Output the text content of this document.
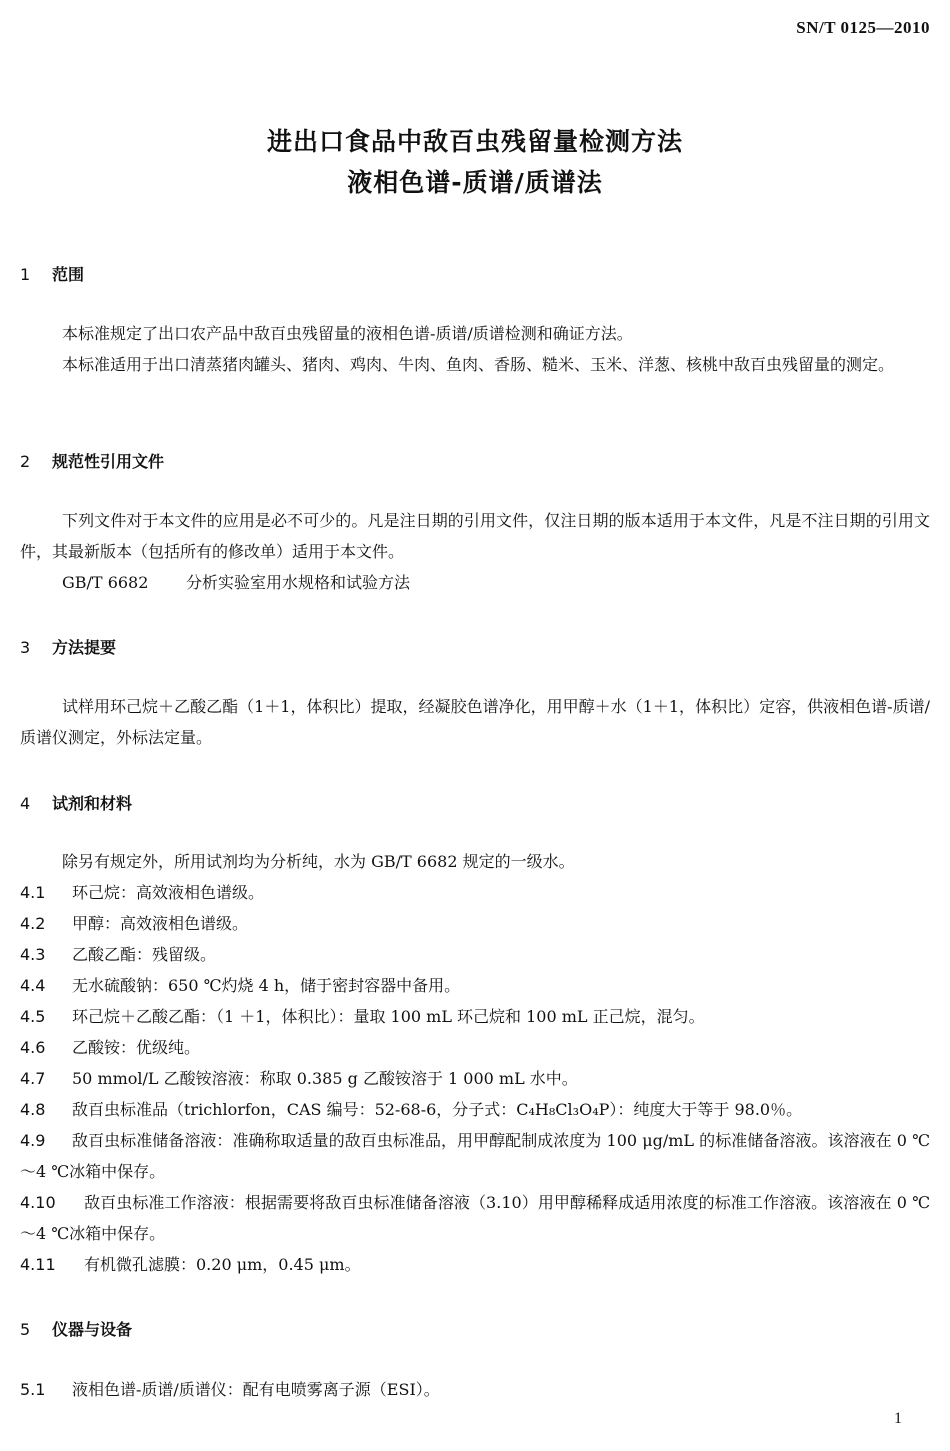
SN/T 0125—2010
进出口食品中敌百虫残留量检测方法
液相色谱-质谱/质谱法
1 范围
本标准规定了出口农产品中敌百虫残留量的液相色谱-质谱/质谱检测和确证方法。
本标准适用于出口清蒸猪肉罐头、猪肉、鸡肉、牛肉、鱼肉、香肠、糙米、玉米、洋葱、核桃中敌百虫残留量的测定。
2 规范性引用文件
下列文件对于本文件的应用是必不可少的。凡是注日期的引用文件，仅注日期的版本适用于本文件，凡是不注日期的引用文件，其最新版本（包括所有的修改单）适用于本文件。
GB/T 6682 分析实验室用水规格和试验方法
3 方法提要
试样用环己烷＋乙酸乙酯（1＋1，体积比）提取，经凝胶色谱净化，用甲醇＋水（1＋1，体积比）定容，供液相色谱-质谱/质谱仪测定，外标法定量。
4 试剂和材料
除另有规定外，所用试剂均为分析纯，水为 GB/T 6682 规定的一级水。
4.1 环己烷：高效液相色谱级。
4.2 甲醇：高效液相色谱级。
4.3 乙酸乙酯：残留级。
4.4 无水硫酸钠：650 ℃灼烧 4 h，储于密封容器中备用。
4.5 环己烷＋乙酸乙酯：（1 ＋1，体积比）：量取 100 mL 环己烷和 100 mL 正己烷，混匀。
4.6 乙酸铵：优级纯。
4.7 50 mmol/L 乙酸铵溶液：称取 0.385 g 乙酸铵溶于 1 000 mL 水中。
4.8 敌百虫标准品（trichlorfon，CAS 编号：52-68-6，分子式：C₄H₈Cl₃O₄P）：纯度大于等于 98.0％。
4.9 敌百虫标准储备溶液：准确称取适量的敌百虫标准品，用甲醇配制成浓度为 100 μg/mL 的标准储备溶液。该溶液在 0 ℃～4 ℃冰箱中保存。
4.10 敌百虫标准工作溶液：根据需要将敌百虫标准储备溶液（3.10）用甲醇稀释成适用浓度的标准工作溶液。该溶液在 0 ℃～4 ℃冰箱中保存。
4.11 有机微孔滤膜：0.20 μm，0.45 μm。
5 仪器与设备
5.1 液相色谱-质谱/质谱仪：配有电喷雾离子源（ESI）。
1
